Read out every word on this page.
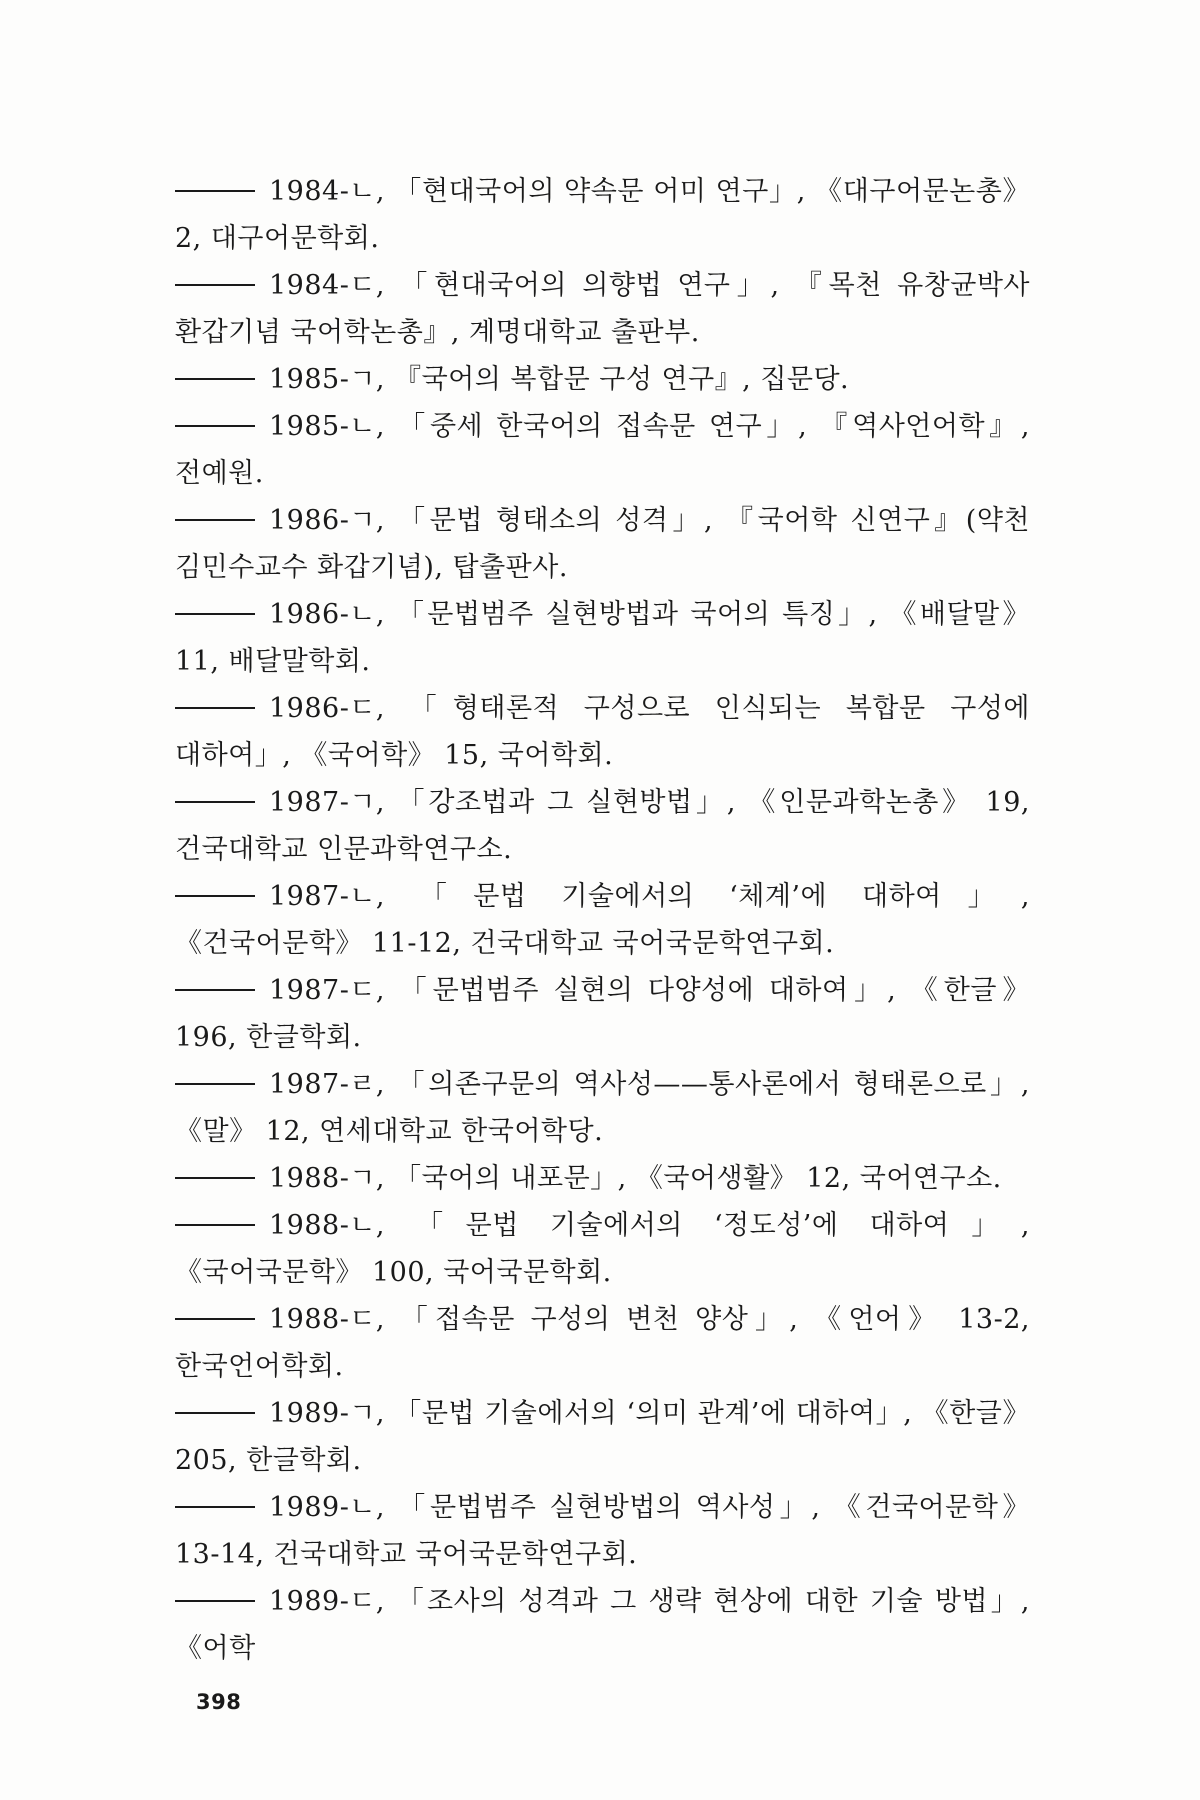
1984-ㄴ, 「현대국어의 약속문 어미 연구」, 《대구어문논총》 2, 대구어문학회.
1984-ㄷ, 「현대국어의 의향법 연구」, 『목천 유창균박사 환갑기념 국어학논총』, 계명대학교 출판부.
1985-ㄱ, 『국어의 복합문 구성 연구』, 집문당.
1985-ㄴ, 「중세 한국어의 접속문 연구」, 『역사언어학』, 전예원.
1986-ㄱ, 「문법 형태소의 성격」, 『국어학 신연구』(약천 김민수교수 화갑기념), 탑출판사.
1986-ㄴ, 「문법범주 실현방법과 국어의 특징」, 《배달말》 11, 배달말학회.
1986-ㄷ, 「형태론적 구성으로 인식되는 복합문 구성에 대하여」, 《국어학》 15, 국어학회.
1987-ㄱ, 「강조법과 그 실현방법」, 《인문과학논총》 19, 건국대학교 인문과학연구소.
1987-ㄴ, 「문법 기술에서의 ‘체계’에 대하여」, 《건국어문학》 11-12, 건국대학교 국어국문학연구회.
1987-ㄷ, 「문법범주 실현의 다양성에 대하여」, 《한글》 196, 한글학회.
1987-ㄹ, 「의존구문의 역사성——통사론에서 형태론으로」, 《말》 12, 연세대학교 한국어학당.
1988-ㄱ, 「국어의 내포문」, 《국어생활》 12, 국어연구소.
1988-ㄴ, 「문법 기술에서의 ‘정도성’에 대하여」, 《국어국문학》 100, 국어국문학회.
1988-ㄷ, 「접속문 구성의 변천 양상」, 《언어》 13-2, 한국언어학회.
1989-ㄱ, 「문법 기술에서의 ‘의미 관계’에 대하여」, 《한글》 205, 한글학회.
1989-ㄴ, 「문법범주 실현방법의 역사성」, 《건국어문학》 13-14, 건국대학교 국어국문학연구회.
1989-ㄷ, 「조사의 성격과 그 생략 현상에 대한 기술 방법」, 《어학
398
